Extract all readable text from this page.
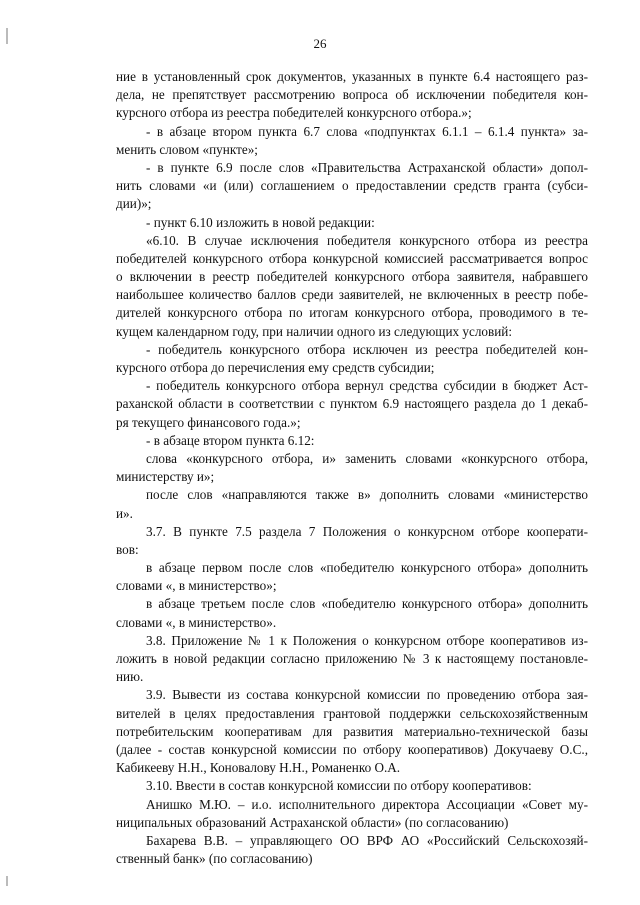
26
ние в установленный срок документов, указанных в пункте 6.4 настоящего раз-
дела, не препятствует рассмотрению вопроса об исключении победителя кон-
курсного отбора из реестра победителей конкурсного отбора.»;
- в абзаце втором пункта 6.7 слова «подпунктах 6.1.1 – 6.1.4 пункта» за-
менить словом «пункте»;
- в пункте 6.9 после слов «Правительства Астраханской области» допол-
нить словами «и (или) соглашением о предоставлении средств гранта (субси-
дии)»;
- пункт 6.10 изложить в новой редакции:
«6.10. В случае исключения победителя конкурсного отбора из реестра
победителей конкурсного отбора конкурсной комиссией рассматривается вопрос
о включении в реестр победителей конкурсного отбора заявителя, набравшего
наибольшее количество баллов среди заявителей, не включенных в реестр побе-
дителей конкурсного отбора по итогам конкурсного отбора, проводимого в те-
кущем календарном году, при наличии одного из следующих условий:
- победитель конкурсного отбора исключен из реестра победителей кон-
курсного отбора до перечисления ему средств субсидии;
- победитель конкурсного отбора вернул средства субсидии в бюджет Аст-
раханской области в соответствии с пунктом 6.9 настоящего раздела до 1 декаб-
ря текущего финансового года.»;
- в абзаце втором пункта 6.12:
слова «конкурсного отбора, и» заменить словами «конкурсного отбора,
министерству и»;
после слов «направляются также в» дополнить словами «министерство
и».
3.7. В пункте 7.5 раздела 7 Положения о конкурсном отборе кооперати-
вов:
в абзаце первом после слов «победителю конкурсного отбора» дополнить
словами «, в министерство»;
в абзаце третьем после слов «победителю конкурсного отбора» дополнить
словами «, в министерство».
3.8. Приложение № 1 к Положения о конкурсном отборе кооперативов из-
ложить в новой редакции согласно приложению № 3 к настоящему постановле-
нию.
3.9. Вывести из состава конкурсной комиссии по проведению отбора зая-
вителей в целях предоставления грантовой поддержки сельскохозяйственным
потребительским кооперативам для развития материально-технической базы
(далее - состав конкурсной комиссии по отбору кооперативов) Докучаеву О.С.,
Кабикееву Н.Н., Коновалову Н.Н., Романенко О.А.
3.10. Ввести в состав конкурсной комиссии по отбору кооперативов:
Анишко М.Ю. – и.о. исполнительного директора Ассоциации «Совет му-
ниципальных образований Астраханской области» (по согласованию)
Бахарева В.В. – управляющего ОО ВРФ АО «Российский Сельскохозяй-
ственный банк» (по согласованию)
